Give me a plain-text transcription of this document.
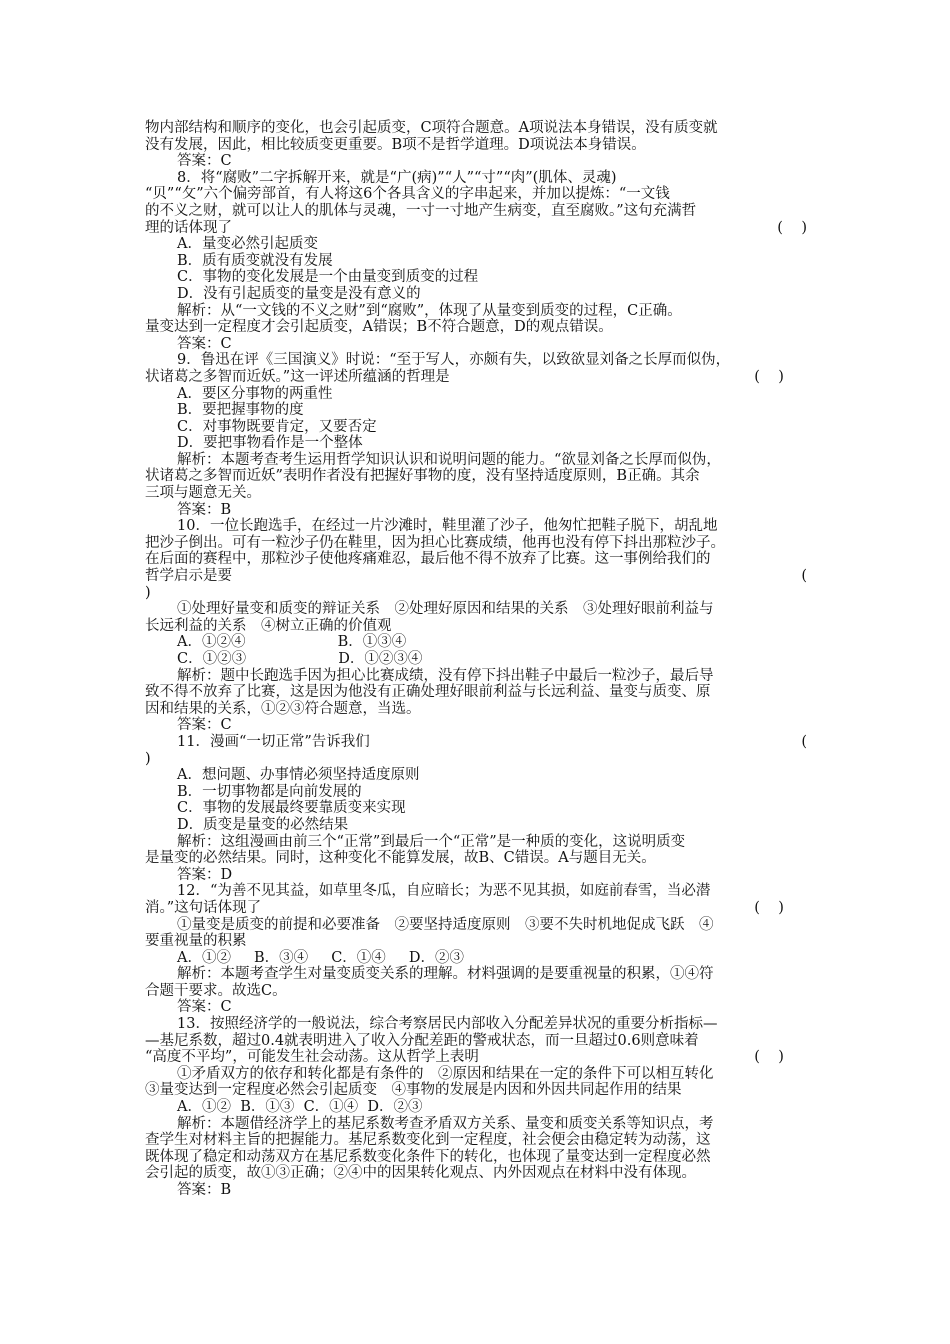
物内部结构和顺序的变化，也会引起质变，C项符合题意。A项说法本身错误，没有质变就
没有发展，因此，相比较质变更重要。B项不是哲学道理。D项说法本身错误。
答案：C
8．将“腐败”二字拆解开来，就是“广(病)”“人”“寸”“肉”(肌体、灵魂)
“贝”“攵”六个偏旁部首，有人将这6个各具含义的字串起来，并加以提炼：“一文钱
的不义之财，就可以让人的肌体与灵魂，一寸一寸地产生病变，直至腐败。”这句充满哲
理的话体现了	(    )
A．量变必然引起质变
B．质有质变就没有发展
C．事物的变化发展是一个由量变到质变的过程
D．没有引起质变的量变是没有意义的
解析：从“一文钱的不义之财”到“腐败”，体现了从量变到质变的过程，C正确。
量变达到一定程度才会引起质变，A错误；B不符合题意，D的观点错误。
答案：C
9．鲁迅在评《三国演义》时说：“至于写人，亦颇有失，以致欲显刘备之长厚而似伪，
状诸葛之多智而近妖。”这一评述所蕴涵的哲理是	(    )
A．要区分事物的两重性
B．要把握事物的度
C．对事物既要肯定，又要否定
D．要把事物看作是一个整体
解析：本题考查考生运用哲学知识认识和说明问题的能力。“欲显刘备之长厚而似伪，
状诸葛之多智而近妖”表明作者没有把握好事物的度，没有坚持适度原则，B正确。其余
三项与题意无关。
答案：B
10．一位长跑选手，在经过一片沙滩时，鞋里灌了沙子，他匆忙把鞋子脱下，胡乱地
把沙子倒出。可有一粒沙子仍在鞋里，因为担心比赛成绩，他再也没有停下抖出那粒沙子。
在后面的赛程中，那粒沙子使他疼痛难忍，最后他不得不放弃了比赛。这一事例给我们的
哲学启示是要	(
)
①处理好量变和质变的辩证关系　②处理好原因和结果的关系　③处理好眼前利益与
长远利益的关系　④树立正确的价值观
A．①②④                    B．①③④
C．①②③                    D．①②③④
解析：题中长跑选手因为担心比赛成绩，没有停下抖出鞋子中最后一粒沙子，最后导
致不得不放弃了比赛，这是因为他没有正确处理好眼前利益与长远利益、量变与质变、原
因和结果的关系，①②③符合题意，当选。
答案：C
11．漫画“一切正常”告诉我们	(
)
A．想问题、办事情必须坚持适度原则
B．一切事物都是向前发展的
C．事物的发展最终要靠质变来实现
D．质变是量变的必然结果
解析：这组漫画由前三个“正常”到最后一个“正常”是一种质的变化，这说明质变
是量变的必然结果。同时，这种变化不能算发展，故B、C错误。A与题目无关。
答案：D
12．“为善不见其益，如草里冬瓜，自应暗长；为恶不见其损，如庭前春雪，当必潜
消。”这句话体现了	(    )
①量变是质变的前提和必要准备　②要坚持适度原则　③要不失时机地促成飞跃　④
要重视量的积累
A．①②     B．③④     C．①④     D．②③
解析：本题考查学生对量变质变关系的理解。材料强调的是要重视量的积累，①④符
合题干要求。故选C。
答案：C
13．按照经济学的一般说法，综合考察居民内部收入分配差异状况的重要分析指标—
—基尼系数，超过0.4就表明进入了收入分配差距的警戒状态，而一旦超过0.6则意味着
“高度不平均”，可能发生社会动荡。这从哲学上表明	(    )
①矛盾双方的依存和转化都是有条件的　②原因和结果在一定的条件下可以相互转化
③量变达到一定程度必然会引起质变　④事物的发展是内因和外因共同起作用的结果
A．①②  B．①③  C．①④  D．②③
解析：本题借经济学上的基尼系数考查矛盾双方关系、量变和质变关系等知识点，考
查学生对材料主旨的把握能力。基尼系数变化到一定程度，社会便会由稳定转为动荡，这
既体现了稳定和动荡双方在基尼系数变化条件下的转化，也体现了量变达到一定程度必然
会引起的质变，故①③正确；②④中的因果转化观点、内外因观点在材料中没有体现。
答案：B
